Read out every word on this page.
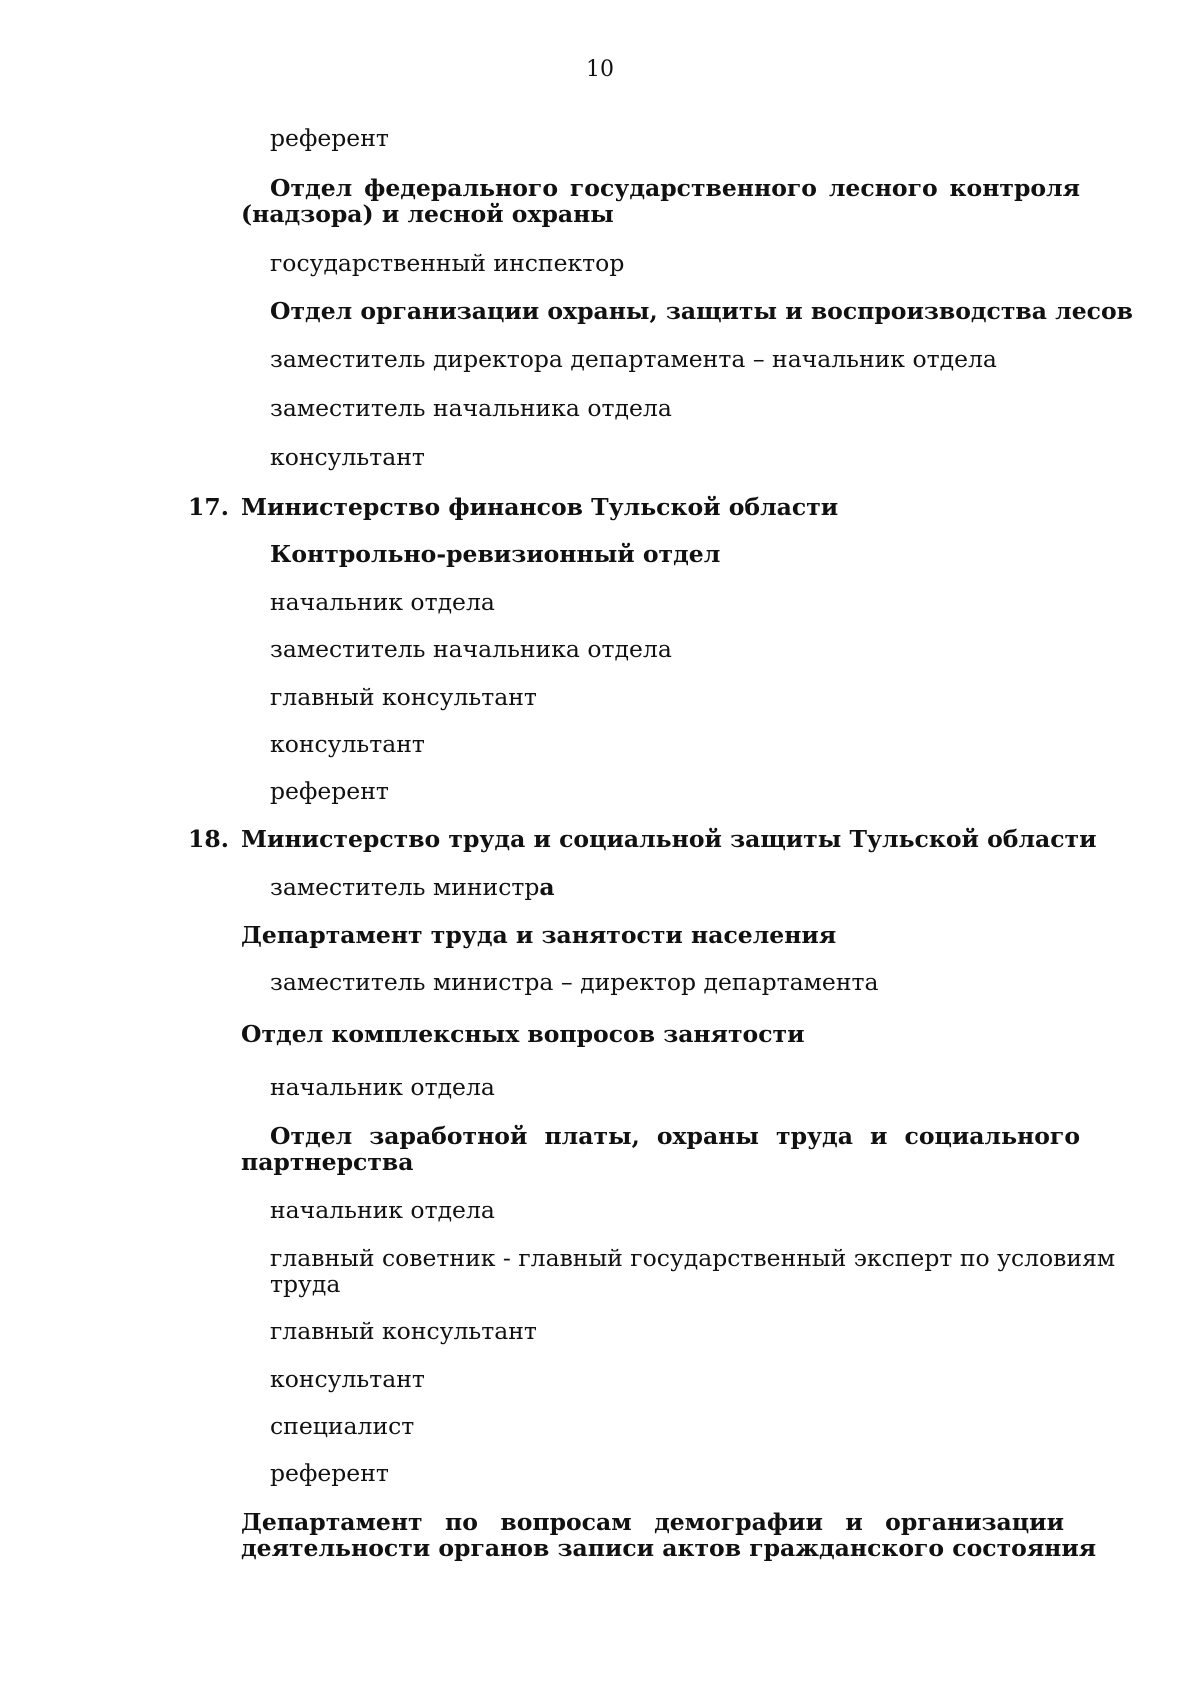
10
референт
Отдел федерального государственного лесного контроля
(надзора) и лесной охраны
государственный инспектор
Отдел организации охраны, защиты и воспроизводства лесов
заместитель директора департамента – начальник отдела
заместитель начальника отдела
консультант
17. Министерство финансов Тульской области
Контрольно-ревизионный отдел
начальник отдела
заместитель начальника отдела
главный консультант
консультант
референт
18. Министерство труда и социальной защиты Тульской области
заместитель министра
Департамент труда и занятости населения
заместитель министра – директор департамента
Отдел комплексных вопросов занятости
начальник отдела
Отдел заработной платы, охраны труда и социального
партнерства
начальник отдела
главный советник - главный государственный эксперт по условиям
труда
главный консультант
консультант
специалист
референт
Департамент по вопросам демографии и организации
деятельности органов записи актов гражданского состояния
